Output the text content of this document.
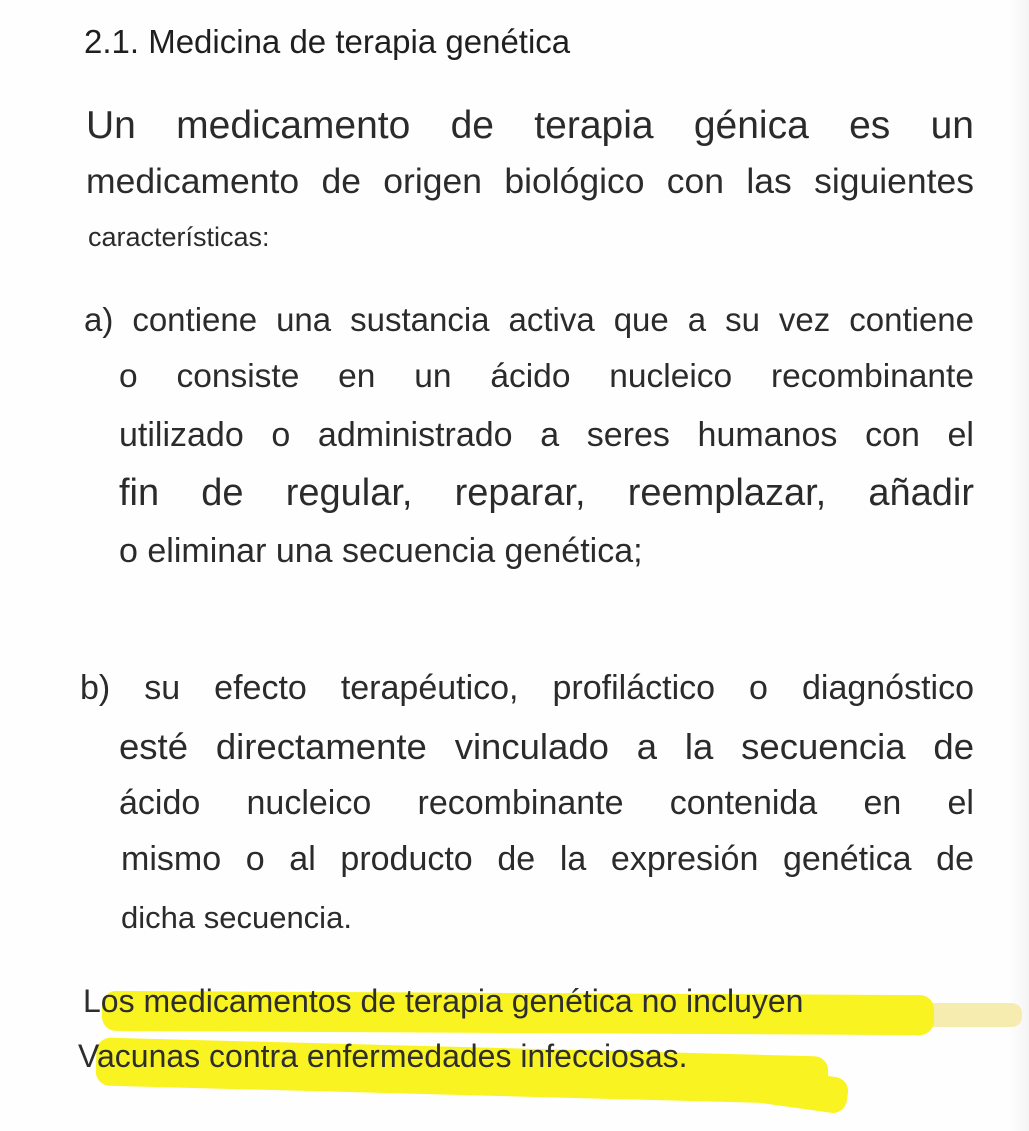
2.1. Medicina de terapia genética

Un medicamento de terapia génica es un

medicamento de origen biológico con las siguientes

características:

a) contiene una sustancia activa que a su vez contiene

o consiste en un ácido nucleico recombinante

utilizado o administrado a seres humanos con el

fin de regular, reparar, reemplazar, añadir

o eliminar una secuencia genética;

b) su efecto terapéutico, profiláctico o diagnóstico

esté directamente vinculado a la secuencia de

ácido nucleico recombinante contenida en el

mismo o al producto de la expresión genética de

dicha secuencia.

Los medicamentos de terapia genética no incluyen

Vacunas contra enfermedades infecciosas.
